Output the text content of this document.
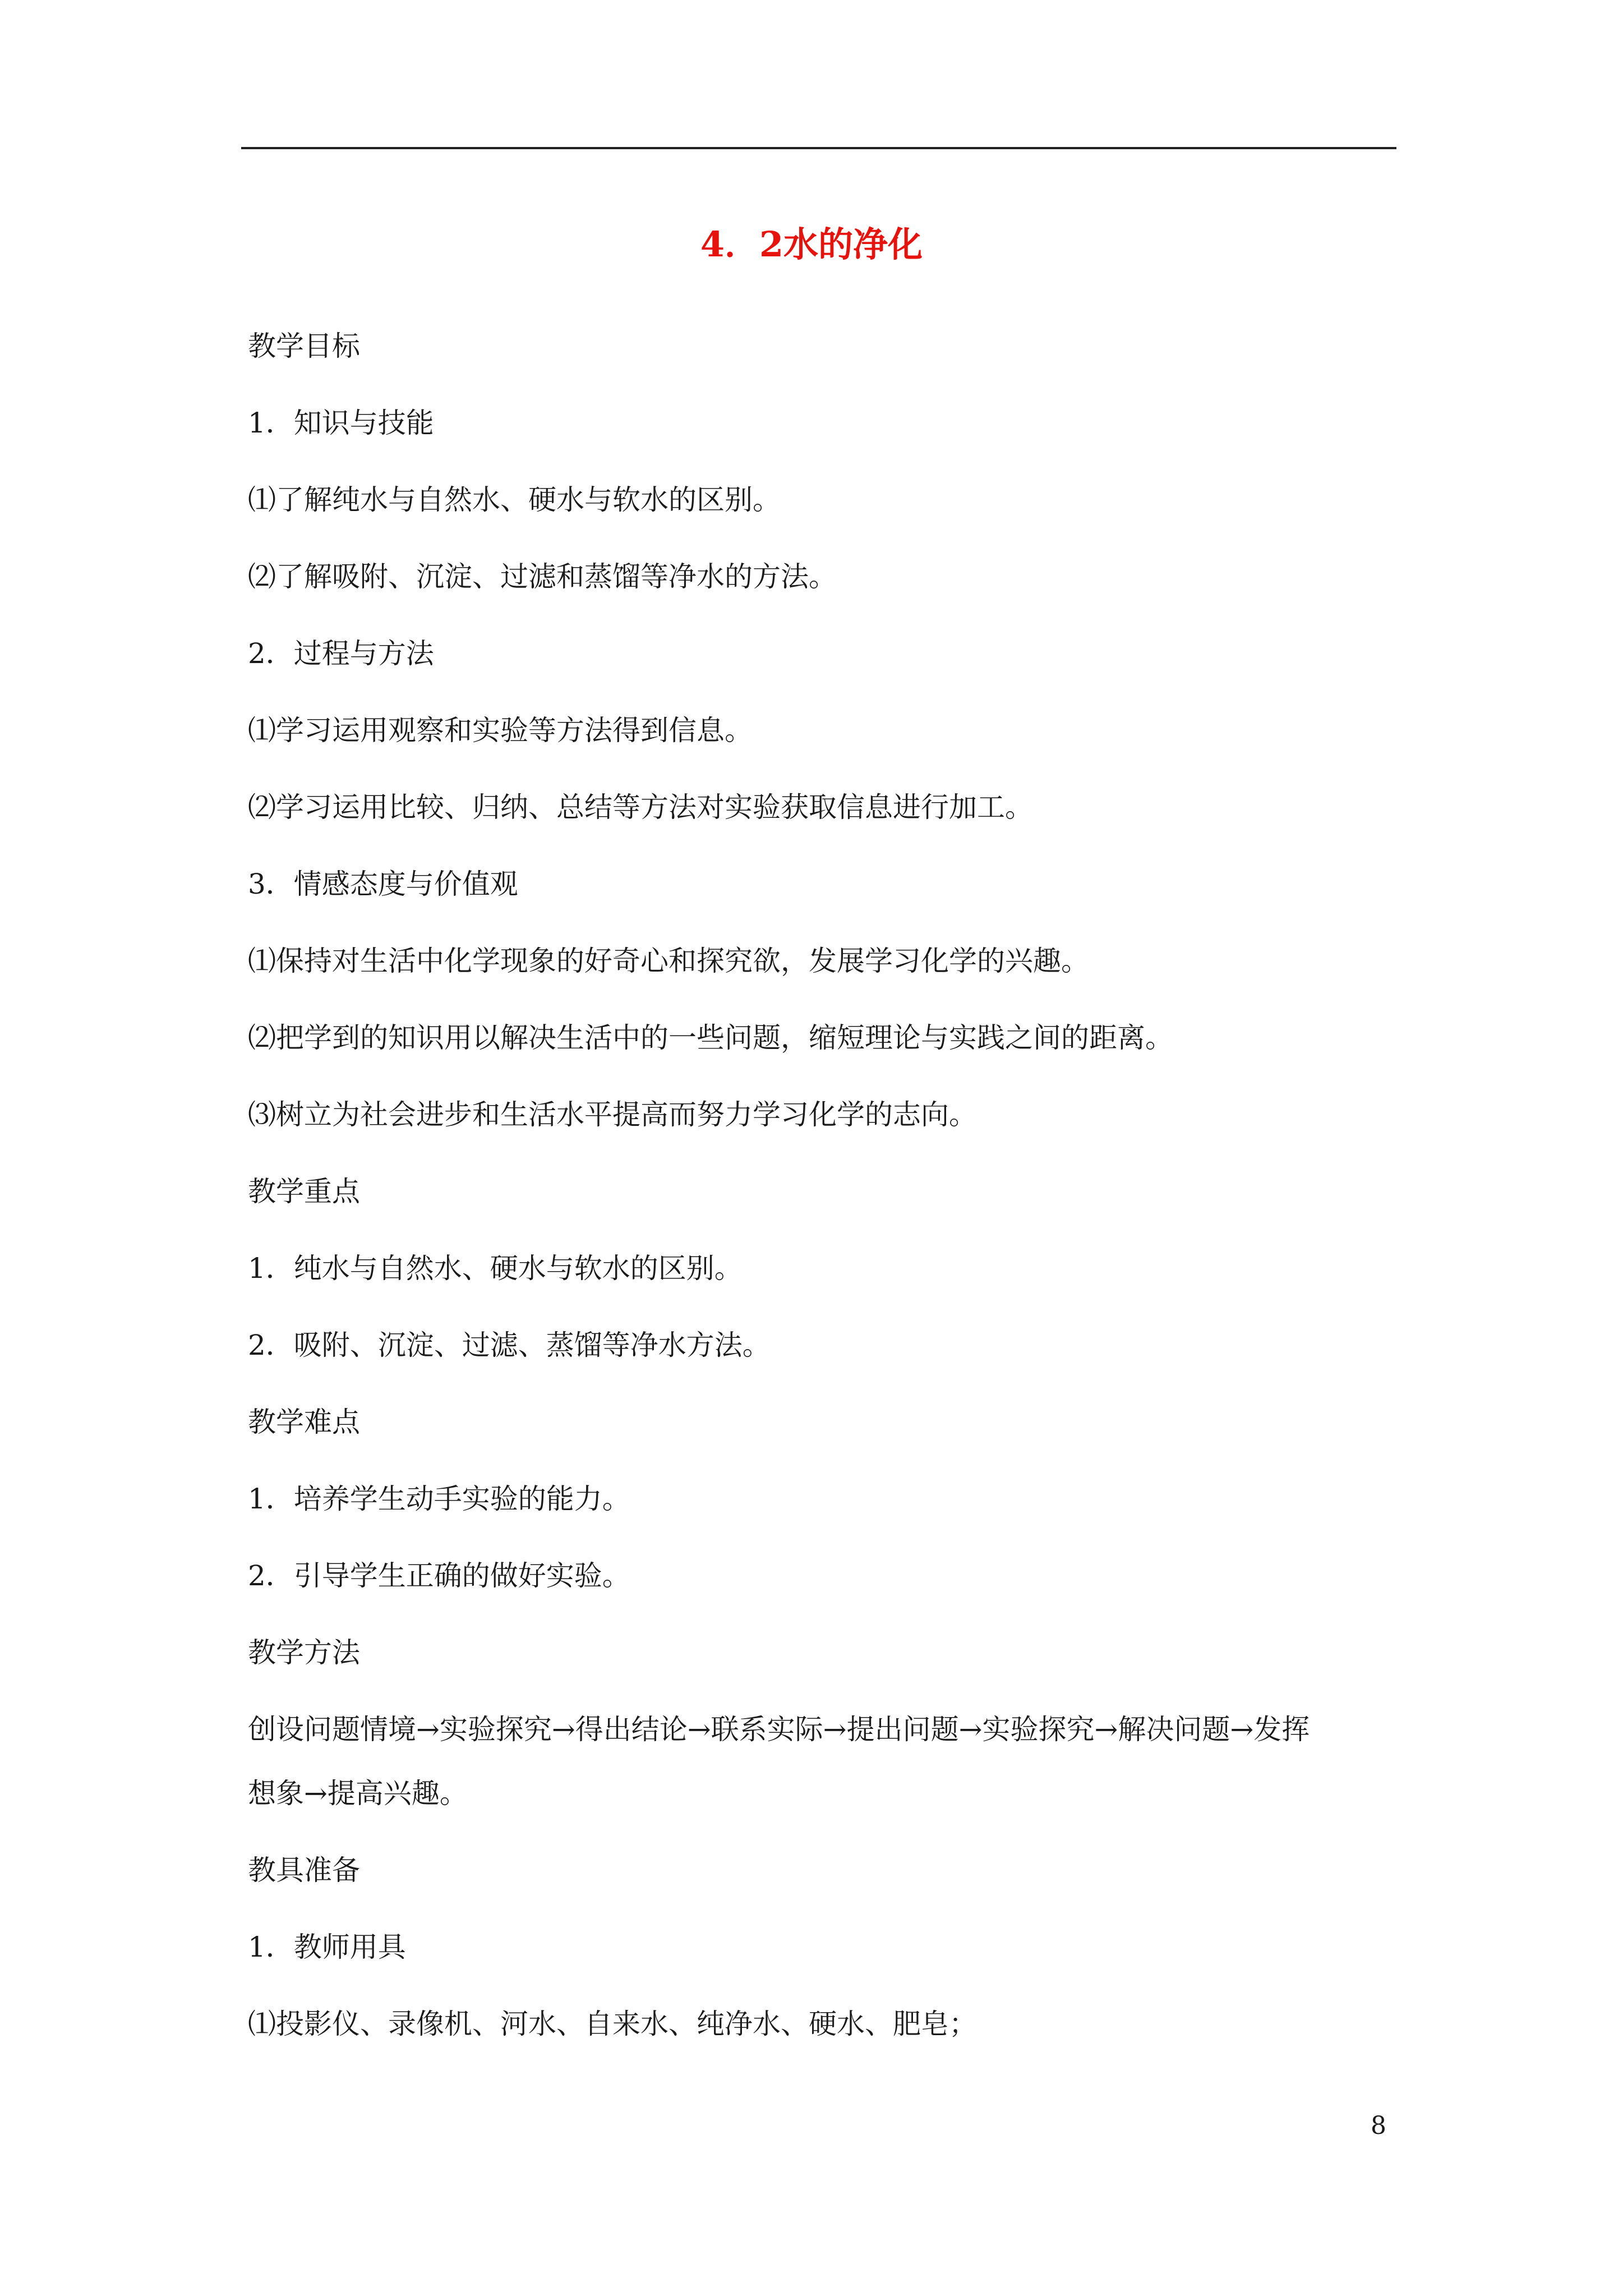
4．2水的净化
教学目标
1．知识与技能
⑴了解纯水与自然水、硬水与软水的区别。
⑵了解吸附、沉淀、过滤和蒸馏等净水的方法。
2．过程与方法
⑴学习运用观察和实验等方法得到信息。
⑵学习运用比较、归纳、总结等方法对实验获取信息进行加工。
3．情感态度与价值观
⑴保持对生活中化学现象的好奇心和探究欲，发展学习化学的兴趣。
⑵把学到的知识用以解决生活中的一些问题，缩短理论与实践之间的距离。
⑶树立为社会进步和生活水平提高而努力学习化学的志向。
教学重点
1．纯水与自然水、硬水与软水的区别。
2．吸附、沉淀、过滤、蒸馏等净水方法。
教学难点
1．培养学生动手实验的能力。
2．引导学生正确的做好实验。
教学方法
创设问题情境→实验探究→得出结论→联系实际→提出问题→实验探究→解决问题→发挥
想象→提高兴趣。
教具准备
1．教师用具
⑴投影仪、录像机、河水、自来水、纯净水、硬水、肥皂；
8
